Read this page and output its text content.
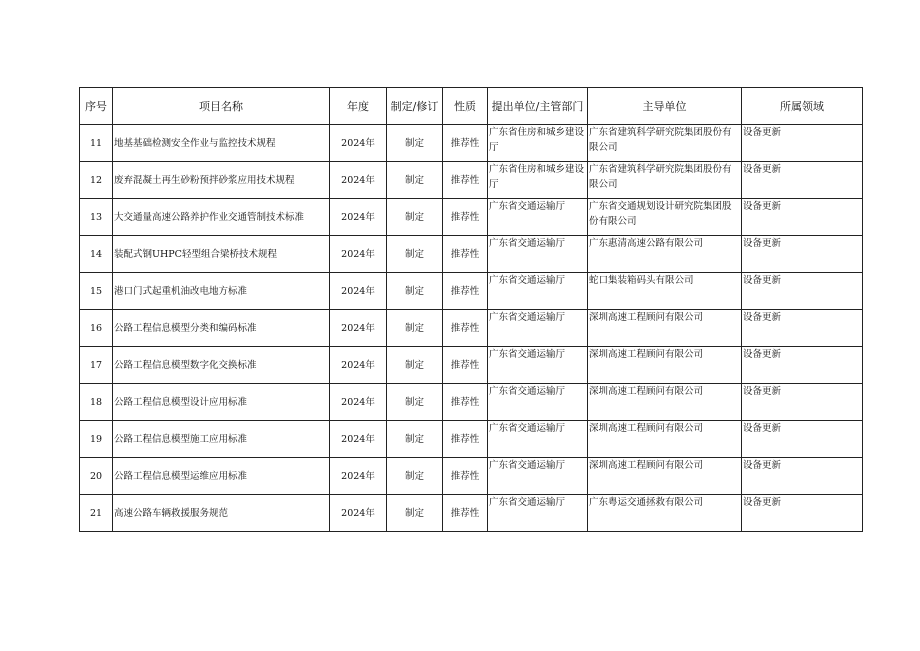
序号	项目名称	年度	制定/修订	性质	提出单位/主管部门	主导单位	所属领域
11	地基基础检测安全作业与监控技术规程	2024年	制定	推荐性	广东省住房和城乡建设厅	广东省建筑科学研究院集团股份有限公司	设备更新
12	废弃混凝土再生砂粉预拌砂浆应用技术规程	2024年	制定	推荐性	广东省住房和城乡建设厅	广东省建筑科学研究院集团股份有限公司	设备更新
13	大交通量高速公路养护作业交通管制技术标准	2024年	制定	推荐性	广东省交通运输厅	广东省交通规划设计研究院集团股份有限公司	设备更新
14	装配式钢UHPC轻型组合梁桥技术规程	2024年	制定	推荐性	广东省交通运输厅	广东惠清高速公路有限公司	设备更新
15	港口门式起重机油改电地方标准	2024年	制定	推荐性	广东省交通运输厅	蛇口集装箱码头有限公司	设备更新
16	公路工程信息模型分类和编码标准	2024年	制定	推荐性	广东省交通运输厅	深圳高速工程顾问有限公司	设备更新
17	公路工程信息模型数字化交换标准	2024年	制定	推荐性	广东省交通运输厅	深圳高速工程顾问有限公司	设备更新
18	公路工程信息模型设计应用标准	2024年	制定	推荐性	广东省交通运输厅	深圳高速工程顾问有限公司	设备更新
19	公路工程信息模型施工应用标准	2024年	制定	推荐性	广东省交通运输厅	深圳高速工程顾问有限公司	设备更新
20	公路工程信息模型运维应用标准	2024年	制定	推荐性	广东省交通运输厅	深圳高速工程顾问有限公司	设备更新
21	高速公路车辆救援服务规范	2024年	制定	推荐性	广东省交通运输厅	广东粤运交通拯救有限公司	设备更新
